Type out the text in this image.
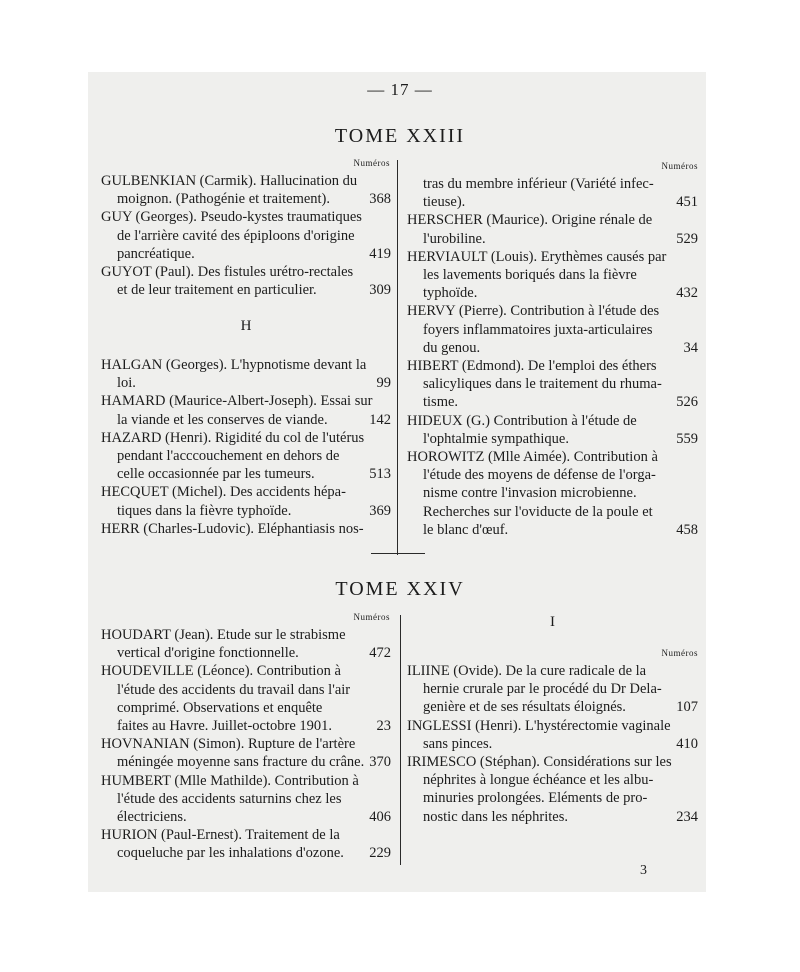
— 17 —
TOME XXIII
Numéros	Numéros
GULBENKIAN (Carmik). Hallucination du
moignon. (Pathogénie et traitement).	368
GUY (Georges). Pseudo-kystes traumatiques
de l'arrière cavité des épiploons d'origine
pancréatique.	419
GUYOT (Paul). Des fistules urétro-rectales
et de leur traitement en particulier.	309
H
HALGAN (Georges). L'hypnotisme devant la
loi.	99
HAMARD (Maurice-Albert-Joseph). Essai sur
la viande et les conserves de viande.	142
HAZARD (Henri). Rigidité du col de l'utérus
pendant l'acccouchement en dehors de
celle occasionnée par les tumeurs.	513
HECQUET (Michel). Des accidents hépa-
tiques dans la fièvre typhoïde.	369
HERR (Charles-Ludovic). Eléphantiasis nos-
tras du membre inférieur (Variété infec-
tieuse).	451
HERSCHER (Maurice). Origine rénale de
l'urobiline.	529
HERVIAULT (Louis). Erythèmes causés par
les lavements boriqués dans la fièvre
typhoïde.	432
HERVY (Pierre). Contribution à l'étude des
foyers inflammatoires juxta-articulaires
du genou.	34
HIBERT (Edmond). De l'emploi des éthers
salicyliques dans le traitement du rhuma-
tisme.	526
HIDEUX (G.) Contribution à l'étude de
l'ophtalmie sympathique.	559
HOROWITZ (Mlle Aimée). Contribution à
l'étude des moyens de défense de l'orga-
nisme contre l'invasion microbienne.
Recherches sur l'oviducte de la poule et
le blanc d'œuf.	458
TOME XXIV
Numéros	I
Numéros
HOUDART (Jean). Etude sur le strabisme
vertical d'origine fonctionnelle.	472
HOUDEVILLE (Léonce). Contribution à
l'étude des accidents du travail dans l'air
comprimé. Observations et enquête
faites au Havre. Juillet-octobre 1901.	23
HOVNANIAN (Simon). Rupture de l'artère
méningée moyenne sans fracture du crâne. 370
HUMBERT (Mlle Mathilde). Contribution à
l'étude des accidents saturnins chez les
électriciens.	406
HURION (Paul-Ernest). Traitement de la
coqueluche par les inhalations d'ozone.	229
ILIINE (Ovide). De la cure radicale de la
hernie crurale par le procédé du Dr Dela-
genière et de ses résultats éloignés.	107
INGLESSI (Henri). L'hystérectomie vaginale
sans pinces.	410
IRIMESCO (Stéphan). Considérations sur les
néphrites à longue échéance et les albu-
minuries prolongées. Eléments de pro-
nostic dans les néphrites.	234
3
